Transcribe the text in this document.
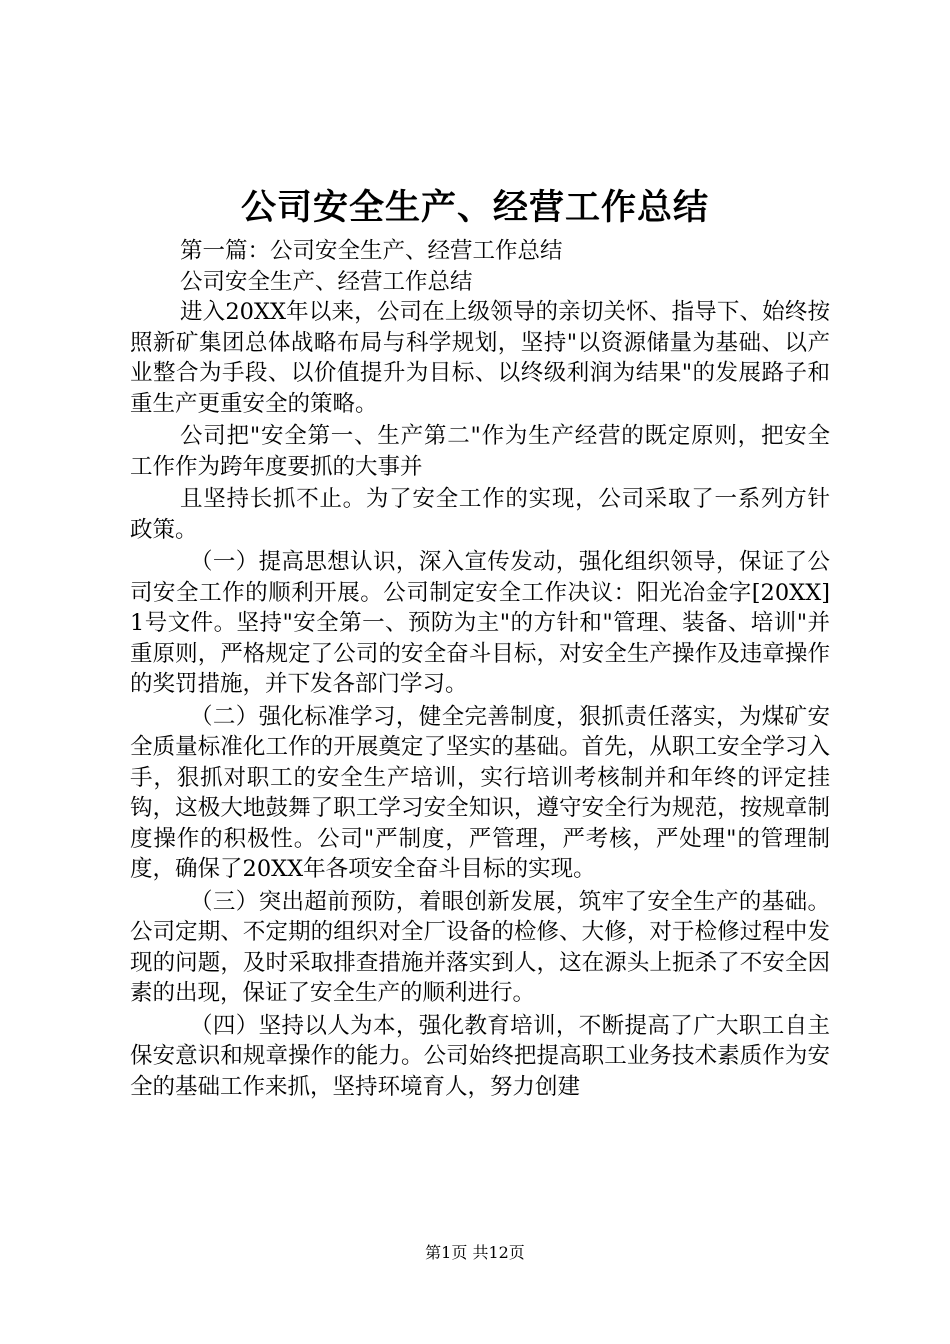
公司安全生产、经营工作总结

第一篇：公司安全生产、经营工作总结

公司安全生产、经营工作总结

进入20XX年以来，公司在上级领导的亲切关怀、指导下、始终按照新矿集团总体战略布局与科学规划，坚持"以资源储量为基础、以产业整合为手段、以价值提升为目标、以终级利润为结果"的发展路子和重生产更重安全的策略。

公司把"安全第一、生产第二"作为生产经营的既定原则，把安全工作作为跨年度要抓的大事并

且坚持长抓不止。为了安全工作的实现，公司采取了一系列方针政策。

（一）提高思想认识，深入宣传发动，强化组织领导，保证了公司安全工作的顺利开展。公司制定安全工作决议：阳光冶金字[20XX]1号文件。坚持"安全第一、预防为主"的方针和"管理、装备、培训"并重原则，严格规定了公司的安全奋斗目标，对安全生产操作及违章操作的奖罚措施，并下发各部门学习。

（二）强化标准学习，健全完善制度，狠抓责任落实，为煤矿安全质量标准化工作的开展奠定了坚实的基础。首先，从职工安全学习入手，狠抓对职工的安全生产培训，实行培训考核制并和年终的评定挂钩，这极大地鼓舞了职工学习安全知识，遵守安全行为规范，按规章制度操作的积极性。公司"严制度，严管理，严考核，严处理"的管理制度，确保了20XX年各项安全奋斗目标的实现。

（三）突出超前预防，着眼创新发展，筑牢了安全生产的基础。公司定期、不定期的组织对全厂设备的检修、大修，对于检修过程中发现的问题，及时采取排查措施并落实到人，这在源头上扼杀了不安全因素的出现，保证了安全生产的顺利进行。

（四）坚持以人为本，强化教育培训，不断提高了广大职工自主保安意识和规章操作的能力。公司始终把提高职工业务技术素质作为安全的基础工作来抓，坚持环境育人，努力创建

第1页 共12页
